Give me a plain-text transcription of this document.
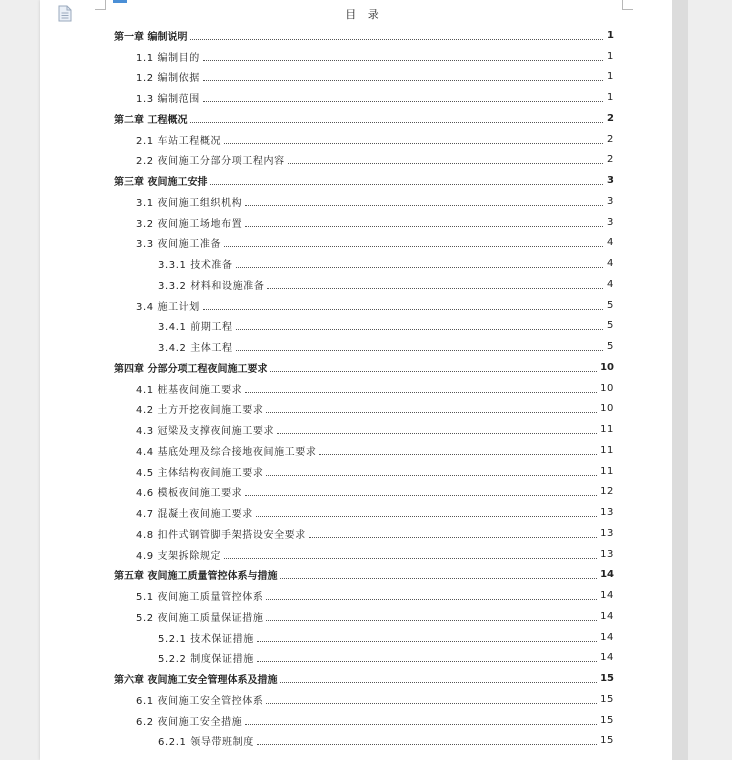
目 录
第一章 编制说明	1
1.1 编制目的	1
1.2 编制依据	1
1.3 编制范围	1
第二章 工程概况	2
2.1 车站工程概况	2
2.2 夜间施工分部分项工程内容	2
第三章 夜间施工安排	3
3.1 夜间施工组织机构	3
3.2 夜间施工场地布置	3
3.3 夜间施工准备	4
3.3.1 技术准备	4
3.3.2 材料和设施准备	4
3.4 施工计划	5
3.4.1 前期工程	5
3.4.2 主体工程	5
第四章 分部分项工程夜间施工要求	10
4.1 桩基夜间施工要求	10
4.2 土方开挖夜间施工要求	10
4.3 冠梁及支撑夜间施工要求	11
4.4 基底处理及综合接地夜间施工要求	11
4.5 主体结构夜间施工要求	11
4.6 模板夜间施工要求	12
4.7 混凝土夜间施工要求	13
4.8 扣件式钢管脚手架搭设安全要求	13
4.9 支架拆除规定	13
第五章 夜间施工质量管控体系与措施	14
5.1 夜间施工质量管控体系	14
5.2 夜间施工质量保证措施	14
5.2.1 技术保证措施	14
5.2.2 制度保证措施	14
第六章 夜间施工安全管理体系及措施	15
6.1 夜间施工安全管控体系	15
6.2 夜间施工安全措施	15
6.2.1 领导带班制度	15
